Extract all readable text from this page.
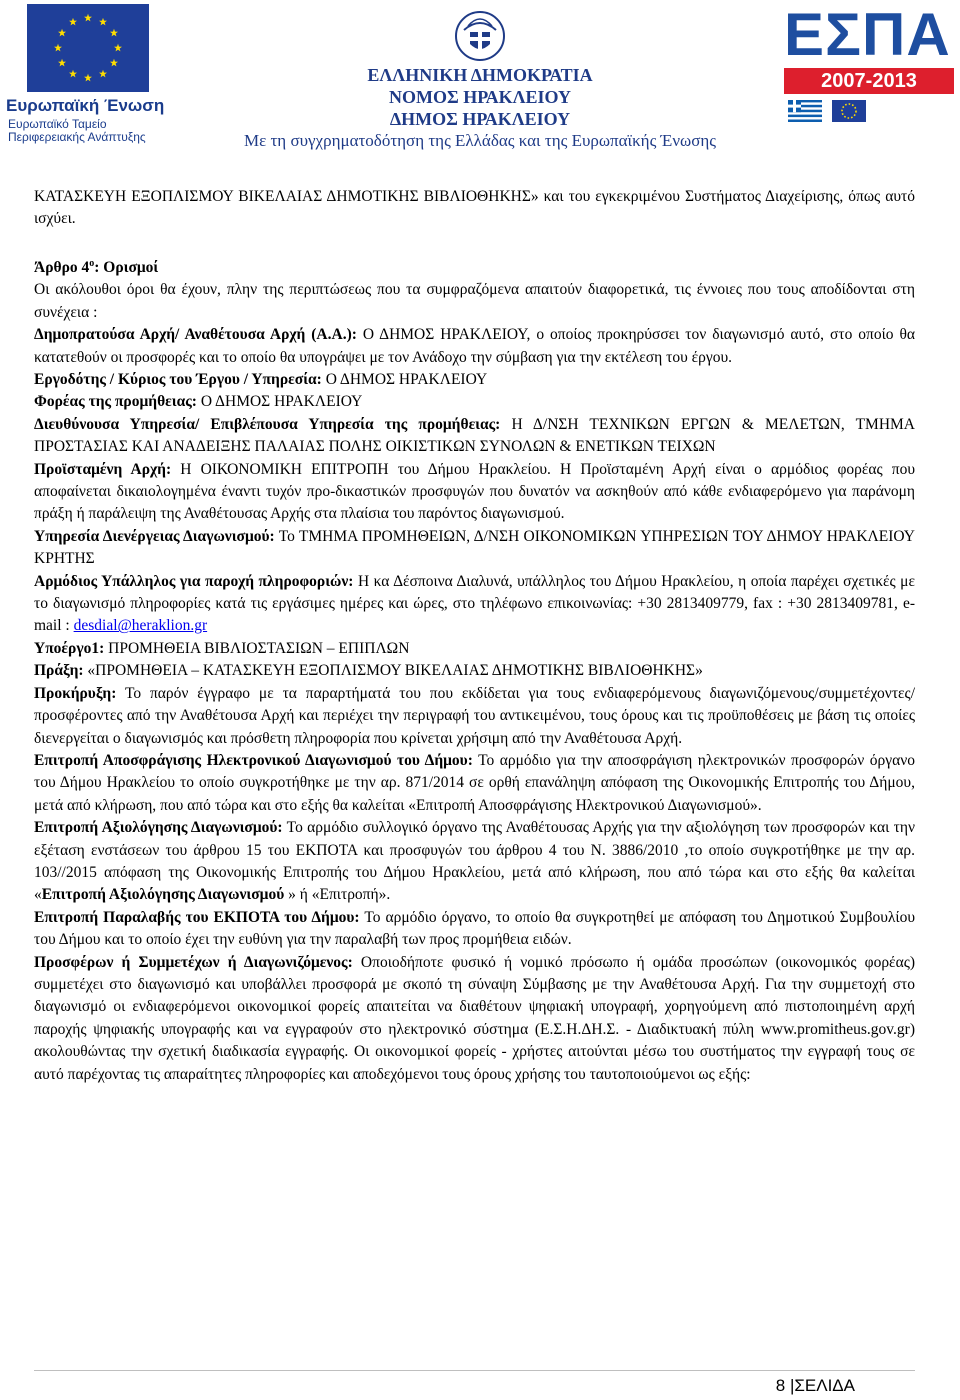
Ευρωπαϊκή Ένωση
Ευρωπαϊκό Ταμείο
Περιφερειακής Ανάπτυξης
ΕΛΛΗΝΙΚΗ ΔΗΜΟΚΡΑΤΙΑ
ΝΟΜΟΣ ΗΡΑΚΛΕΙΟΥ
ΔΗΜΟΣ ΗΡΑΚΛΕΙΟΥ
Με τη συγχρηματοδότηση της Ελλάδας και της Ευρωπαϊκής Ένωσης
ΕΣΠΑ
2007-2013

ΚΑΤΑΣΚΕΥΗ ΕΞΟΠΛΙΣΜΟΥ ΒΙΚΕΛΑΙΑΣ ΔΗΜΟΤΙΚΗΣ ΒΙΒΛΙΟΘΗΚΗΣ» και του εγκεκριμένου Συστήματος Διαχείρισης, όπως αυτό ισχύει.

Άρθρο $4^o$: Ορισμοί

Οι ακόλουθοι όροι θα έχουν, πλην της περιπτώσεως που τα συμφραζόμενα απαιτούν διαφορετικά, τις έννοιες που τους αποδίδονται στη συνέχεια :

Δημοπρατούσα Αρχή/ Αναθέτουσα Αρχή (Α.Α.): Ο ΔΗΜΟΣ ΗΡΑΚΛΕΙΟΥ, ο οποίος προκηρύσσει τον διαγωνισμό αυτό, στο οποίο θα κατατεθούν οι προσφορές και το οποίο θα υπογράψει με τον Ανάδοχο την σύμβαση για την εκτέλεση του έργου.

Εργοδότης / Κύριος του Έργου / Υπηρεσία: Ο ΔΗΜΟΣ ΗΡΑΚΛΕΙΟΥ

Φορέας της προμήθειας: Ο ΔΗΜΟΣ ΗΡΑΚΛΕΙΟΥ

Διευθύνουσα Υπηρεσία/ Επιβλέπουσα Υπηρεσία της προμήθειας: Η Δ/ΝΣΗ ΤΕΧΝΙΚΩΝ ΕΡΓΩΝ & ΜΕΛΕΤΩΝ, ΤΜΗΜΑ ΠΡΟΣΤΑΣΙΑΣ ΚΑΙ ΑΝΑΔΕΙΞΗΣ ΠΑΛΑΙΑΣ ΠΟΛΗΣ ΟΙΚΙΣΤΙΚΩΝ ΣΥΝΟΛΩΝ & ΕΝΕΤΙΚΩΝ ΤΕΙΧΩΝ

Προϊσταμένη Αρχή: Η ΟΙΚΟΝΟΜΙΚΗ ΕΠΙΤΡΟΠΗ του Δήμου Ηρακλείου. Η Προϊσταμένη Αρχή είναι ο αρμόδιος φορέας που αποφαίνεται δικαιολογημένα έναντι τυχόν προ-δικαστικών προσφυγών που δυνατόν να ασκηθούν από κάθε ενδιαφερόμενο για παράνομη πράξη ή παράλειψη της Αναθέτουσας Αρχής στα πλαίσια του παρόντος διαγωνισμού.

Υπηρεσία Διενέργειας Διαγωνισμού: Το ΤΜΗΜΑ ΠΡΟΜΗΘΕΙΩΝ, Δ/ΝΣΗ ΟΙΚΟΝΟΜΙΚΩΝ ΥΠΗΡΕΣΙΩΝ ΤΟΥ ΔΗΜΟΥ ΗΡΑΚΛΕΙΟΥ ΚΡΗΤΗΣ

Αρμόδιος Υπάλληλος για παροχή πληροφοριών: Η κα Δέσποινα Διαλυνά, υπάλληλος του Δήμου Ηρακλείου, η οποία παρέχει σχετικές με το διαγωνισμό πληροφορίες κατά τις εργάσιμες ημέρες και ώρες, στο τηλέφωνο επικοινωνίας: +30 2813409779, fax : +30 2813409781, e-mail : desdial@heraklion.gr

Υποέργο1: ΠΡΟΜΗΘΕΙΑ ΒΙΒΛΙΟΣΤΑΣΙΩΝ – ΕΠΙΠΛΩΝ

Πράξη: «ΠΡΟΜΗΘΕΙΑ – ΚΑΤΑΣΚΕΥΗ ΕΞΟΠΛΙΣΜΟΥ ΒΙΚΕΛΑΙΑΣ ΔΗΜΟΤΙΚΗΣ ΒΙΒΛΙΟΘΗΚΗΣ»

Προκήρυξη: Το παρόν έγγραφο με τα παραρτήματά του που εκδίδεται για τους ενδιαφερόμενους διαγωνιζόμενους/συμμετέχοντες/προσφέροντες από την Αναθέτουσα Αρχή και περιέχει την περιγραφή του αντικειμένου, τους όρους και τις προϋποθέσεις με βάση τις οποίες διενεργείται ο διαγωνισμός και πρόσθετη πληροφορία που κρίνεται χρήσιμη από την Αναθέτουσα Αρχή.

Επιτροπή Αποσφράγισης Ηλεκτρονικού Διαγωνισμού του Δήμου: Το αρμόδιο για την αποσφράγιση ηλεκτρονικών προσφορών όργανο του Δήμου Ηρακλείου το οποίο συγκροτήθηκε με την αρ. 871/2014 σε ορθή επανάληψη απόφαση της Οικονομικής Επιτροπής του Δήμου, μετά από κλήρωση, που από τώρα και στο εξής θα καλείται «Επιτροπή Αποσφράγισης Ηλεκτρονικού Διαγωνισμού».

Επιτροπή Αξιολόγησης Διαγωνισμού: Το αρμόδιο συλλογικό όργανο της Αναθέτουσας Αρχής για την αξιολόγηση των προσφορών και την εξέταση ενστάσεων του άρθρου 15 του ΕΚΠΟΤΑ και προσφυγών του άρθρου 4 του Ν. 3886/2010 ,το οποίο συγκροτήθηκε με την αρ. 103//2015 απόφαση της Οικονομικής Επιτροπής του Δήμου Ηρακλείου, μετά από κλήρωση, που από τώρα και στο εξής θα καλείται «Επιτροπή Αξιολόγησης Διαγωνισμού » ή «Επιτροπή».

Επιτροπή Παραλαβής του ΕΚΠΟΤΑ του Δήμου: Το αρμόδιο όργανο, το οποίο θα συγκροτηθεί με απόφαση του Δημοτικού Συμβουλίου του Δήμου και το οποίο έχει την ευθύνη για την παραλαβή των προς προμήθεια ειδών.

Προσφέρων ή Συμμετέχων ή Διαγωνιζόμενος: Οποιοδήποτε φυσικό ή νομικό πρόσωπο ή ομάδα προσώπων (οικονομικός φορέας) συμμετέχει στο διαγωνισμό και υποβάλλει προσφορά με σκοπό τη σύναψη Σύμβασης με την Αναθέτουσα Αρχή. Για την συμμετοχή στο διαγωνισμό οι ενδιαφερόμενοι οικονομικοί φορείς απαιτείται να διαθέτουν ψηφιακή υπογραφή, χορηγούμενη από πιστοποιημένη αρχή παροχής ψηφιακής υπογραφής και να εγγραφούν στο ηλεκτρονικό σύστημα (Ε.Σ.Η.ΔΗ.Σ. - Διαδικτυακή πύλη www.promitheus.gov.gr) ακολουθώντας την σχετική διαδικασία εγγραφής. Οι οικονομικοί φορείς - χρήστες αιτούνται μέσω του συστήματος την εγγραφή τους σε αυτό παρέχοντας τις απαραίτητες πληροφορίες και αποδεχόμενοι τους όρους χρήσης του ταυτοποιούμενοι ως εξής:

8 |ΣΕΛΙΔΑ
